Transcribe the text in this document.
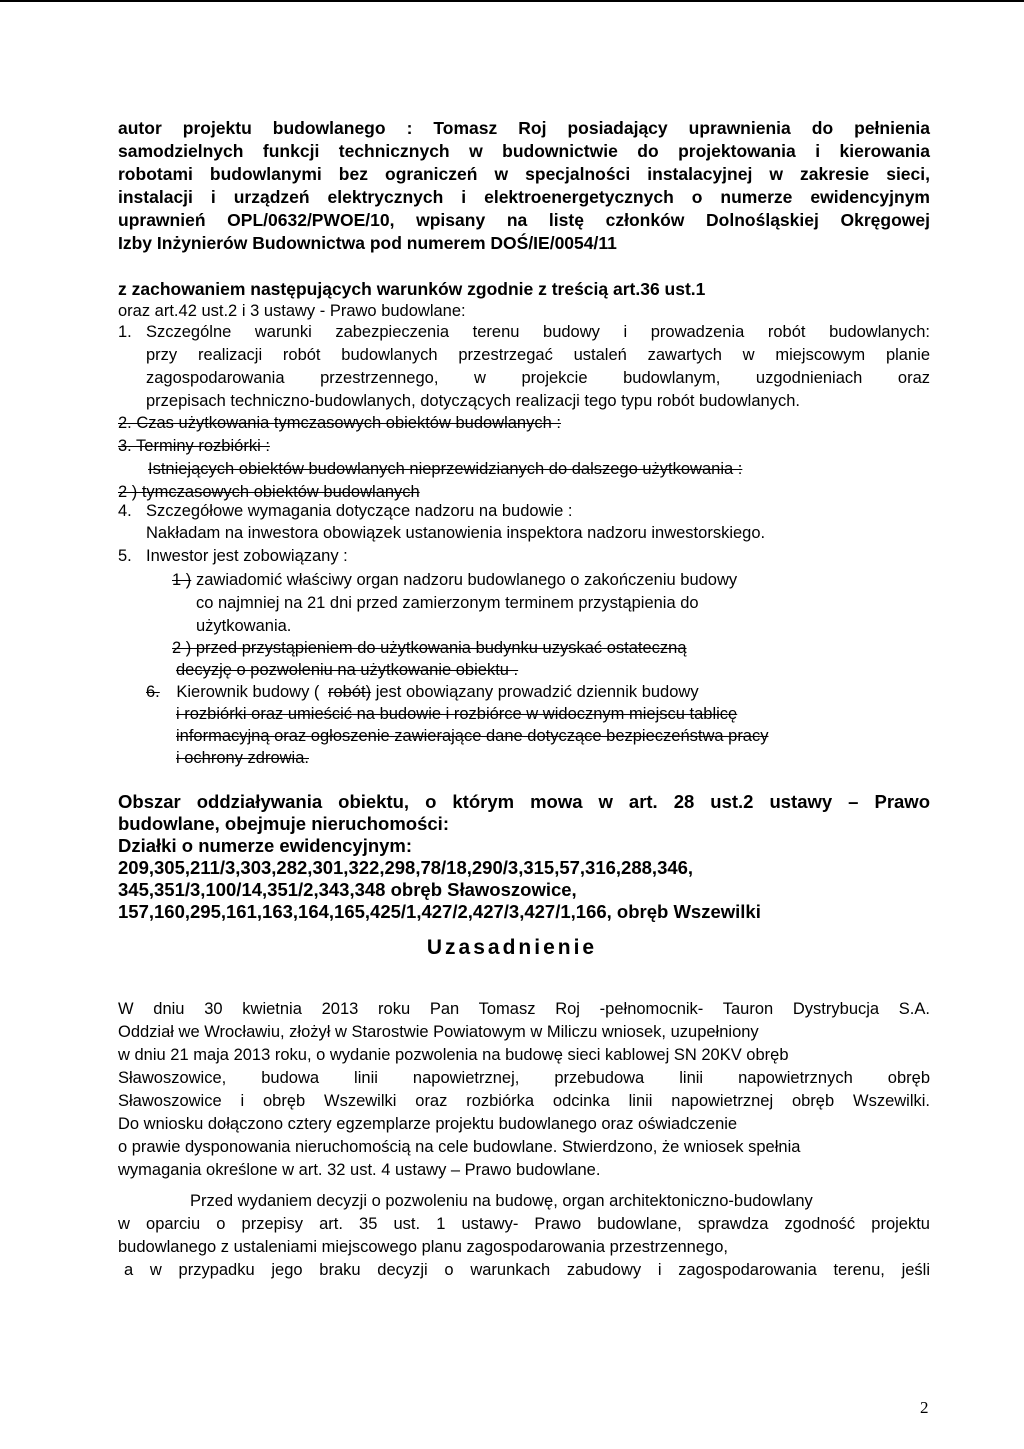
autor projektu budowlanego : Tomasz Roj posiadający uprawnienia do pełnienia
samodzielnych funkcji technicznych w budownictwie do projektowania i kierowania
robotami budowlanymi bez ograniczeń w specjalności instalacyjnej w zakresie sieci,
instalacji i urządzeń elektrycznych i elektroenergetycznych o numerze ewidencyjnym
uprawnień OPL/0632/PWOE/10, wpisany na listę członków Dolnośląskiej Okręgowej
Izby Inżynierów Budownictwa pod numerem DOŚ/IE/0054/11
z zachowaniem następujących warunków zgodnie z treścią art.36 ust.1
oraz art.42 ust.2 i 3 ustawy - Prawo budowlane:
1. Szczególne warunki zabezpieczenia terenu budowy i prowadzenia robót budowlanych:
przy realizacji robót budowlanych przestrzegać ustaleń zawartych w miejscowym planie
zagospodarowania przestrzennego, w projekcie budowlanym, uzgodnieniach oraz
przepisach techniczno-budowlanych, dotyczących realizacji tego typu robót budowlanych.
2. Czas użytkowania tymczasowych obiektów budowlanych :
3. Terminy rozbiórki :
Istniejących obiektów budowlanych nieprzewidzianych do dalszego użytkowania :
2 ) tymczasowych obiektów budowlanych
4. Szczegółowe wymagania dotyczące nadzoru na budowie :
Nakładam na inwestora obowiązek ustanowienia inspektora nadzoru inwestorskiego.
5. Inwestor jest zobowiązany :
1 ) zawiadomić właściwy organ nadzoru budowlanego o zakończeniu budowy
co najmniej na 21 dni przed zamierzonym terminem przystąpienia do
użytkowania.
2 ) przed przystąpieniem do użytkowania budynku uzyskać ostateczną
decyzję o pozwoleniu na użytkowanie obiektu .
6. Kierownik budowy ( robót) jest obowiązany prowadzić dziennik budowy
i rozbiórki oraz umieścić na budowie i rozbiórce w widocznym miejscu tablicę
informacyjną oraz ogłoszenie zawierające dane dotyczące bezpieczeństwa pracy
i ochrony zdrowia.
Obszar oddziaływania obiektu, o którym mowa w art. 28 ust.2 ustawy – Prawo
budowlane, obejmuje nieruchomości:
Działki o numerze ewidencyjnym:
209,305,211/3,303,282,301,322,298,78/18,290/3,315,57,316,288,346,
345,351/3,100/14,351/2,343,348 obręb Sławoszowice,
157,160,295,161,163,164,165,425/1,427/2,427/3,427/1,166, obręb Wszewilki
Uzasadnienie
W dniu 30 kwietnia 2013 roku Pan Tomasz Roj -pełnomocnik- Tauron Dystrybucja S.A.
Oddział we Wrocławiu, złożył w Starostwie Powiatowym w Miliczu wniosek, uzupełniony
w dniu 21 maja 2013 roku, o wydanie pozwolenia na budowę sieci kablowej SN 20KV obręb
Sławoszowice, budowa linii napowietrznej, przebudowa linii napowietrznych obręb
Sławoszowice i obręb Wszewilki oraz rozbiórka odcinka linii napowietrznej obręb Wszewilki.
Do wniosku dołączono cztery egzemplarze projektu budowlanego oraz oświadczenie
o prawie dysponowania nieruchomością na cele budowlane. Stwierdzono, że wniosek spełnia
wymagania określone w art. 32 ust. 4 ustawy – Prawo budowlane.
Przed wydaniem decyzji o pozwoleniu na budowę, organ architektoniczno-budowlany
w oparciu o przepisy art. 35 ust. 1 ustawy- Prawo budowlane, sprawdza zgodność projektu
budowlanego z ustaleniami miejscowego planu zagospodarowania przestrzennego,
a w przypadku jego braku decyzji o warunkach zabudowy i zagospodarowania terenu, jeśli
2
